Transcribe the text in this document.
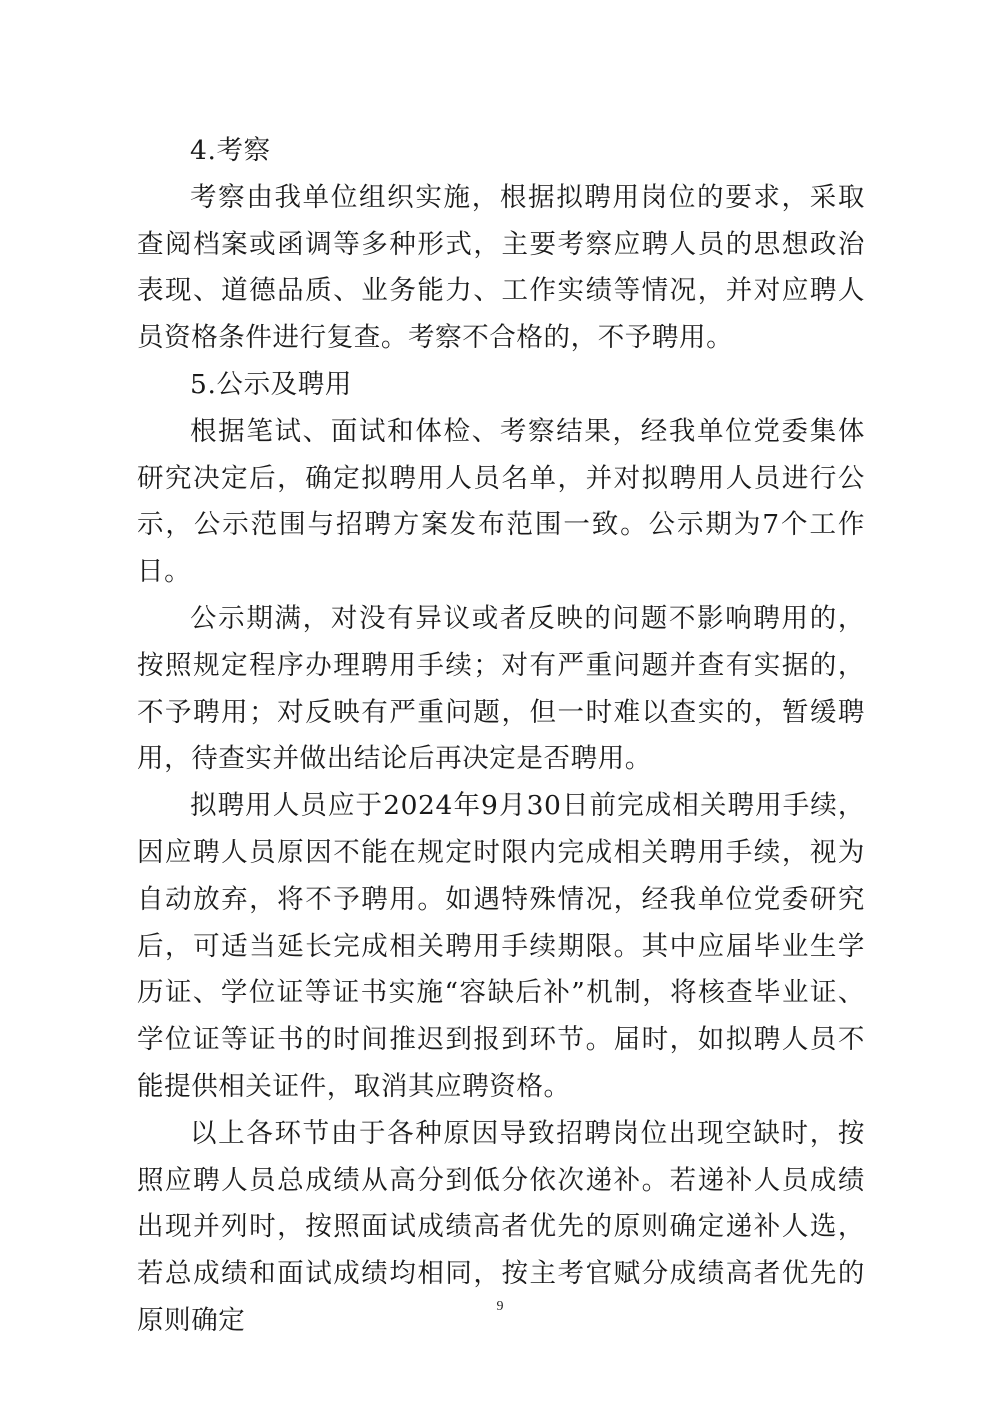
4.考察

考察由我单位组织实施，根据拟聘用岗位的要求，采取查阅档案或函调等多种形式，主要考察应聘人员的思想政治表现、道德品质、业务能力、工作实绩等情况，并对应聘人员资格条件进行复查。考察不合格的，不予聘用。

5.公示及聘用

根据笔试、面试和体检、考察结果，经我单位党委集体研究决定后，确定拟聘用人员名单，并对拟聘用人员进行公示，公示范围与招聘方案发布范围一致。公示期为7个工作日。

公示期满，对没有异议或者反映的问题不影响聘用的，按照规定程序办理聘用手续；对有严重问题并查有实据的，不予聘用；对反映有严重问题，但一时难以查实的，暂缓聘用，待查实并做出结论后再决定是否聘用。

拟聘用人员应于2024年9月30日前完成相关聘用手续，因应聘人员原因不能在规定时限内完成相关聘用手续，视为自动放弃，将不予聘用。如遇特殊情况，经我单位党委研究后，可适当延长完成相关聘用手续期限。其中应届毕业生学历证、学位证等证书实施“容缺后补”机制，将核查毕业证、学位证等证书的时间推迟到报到环节。届时，如拟聘人员不能提供相关证件，取消其应聘资格。

以上各环节由于各种原因导致招聘岗位出现空缺时，按照应聘人员总成绩从高分到低分依次递补。若递补人员成绩出现并列时，按照面试成绩高者优先的原则确定递补人选，若总成绩和面试成绩均相同，按主考官赋分成绩高者优先的原则确定	9
